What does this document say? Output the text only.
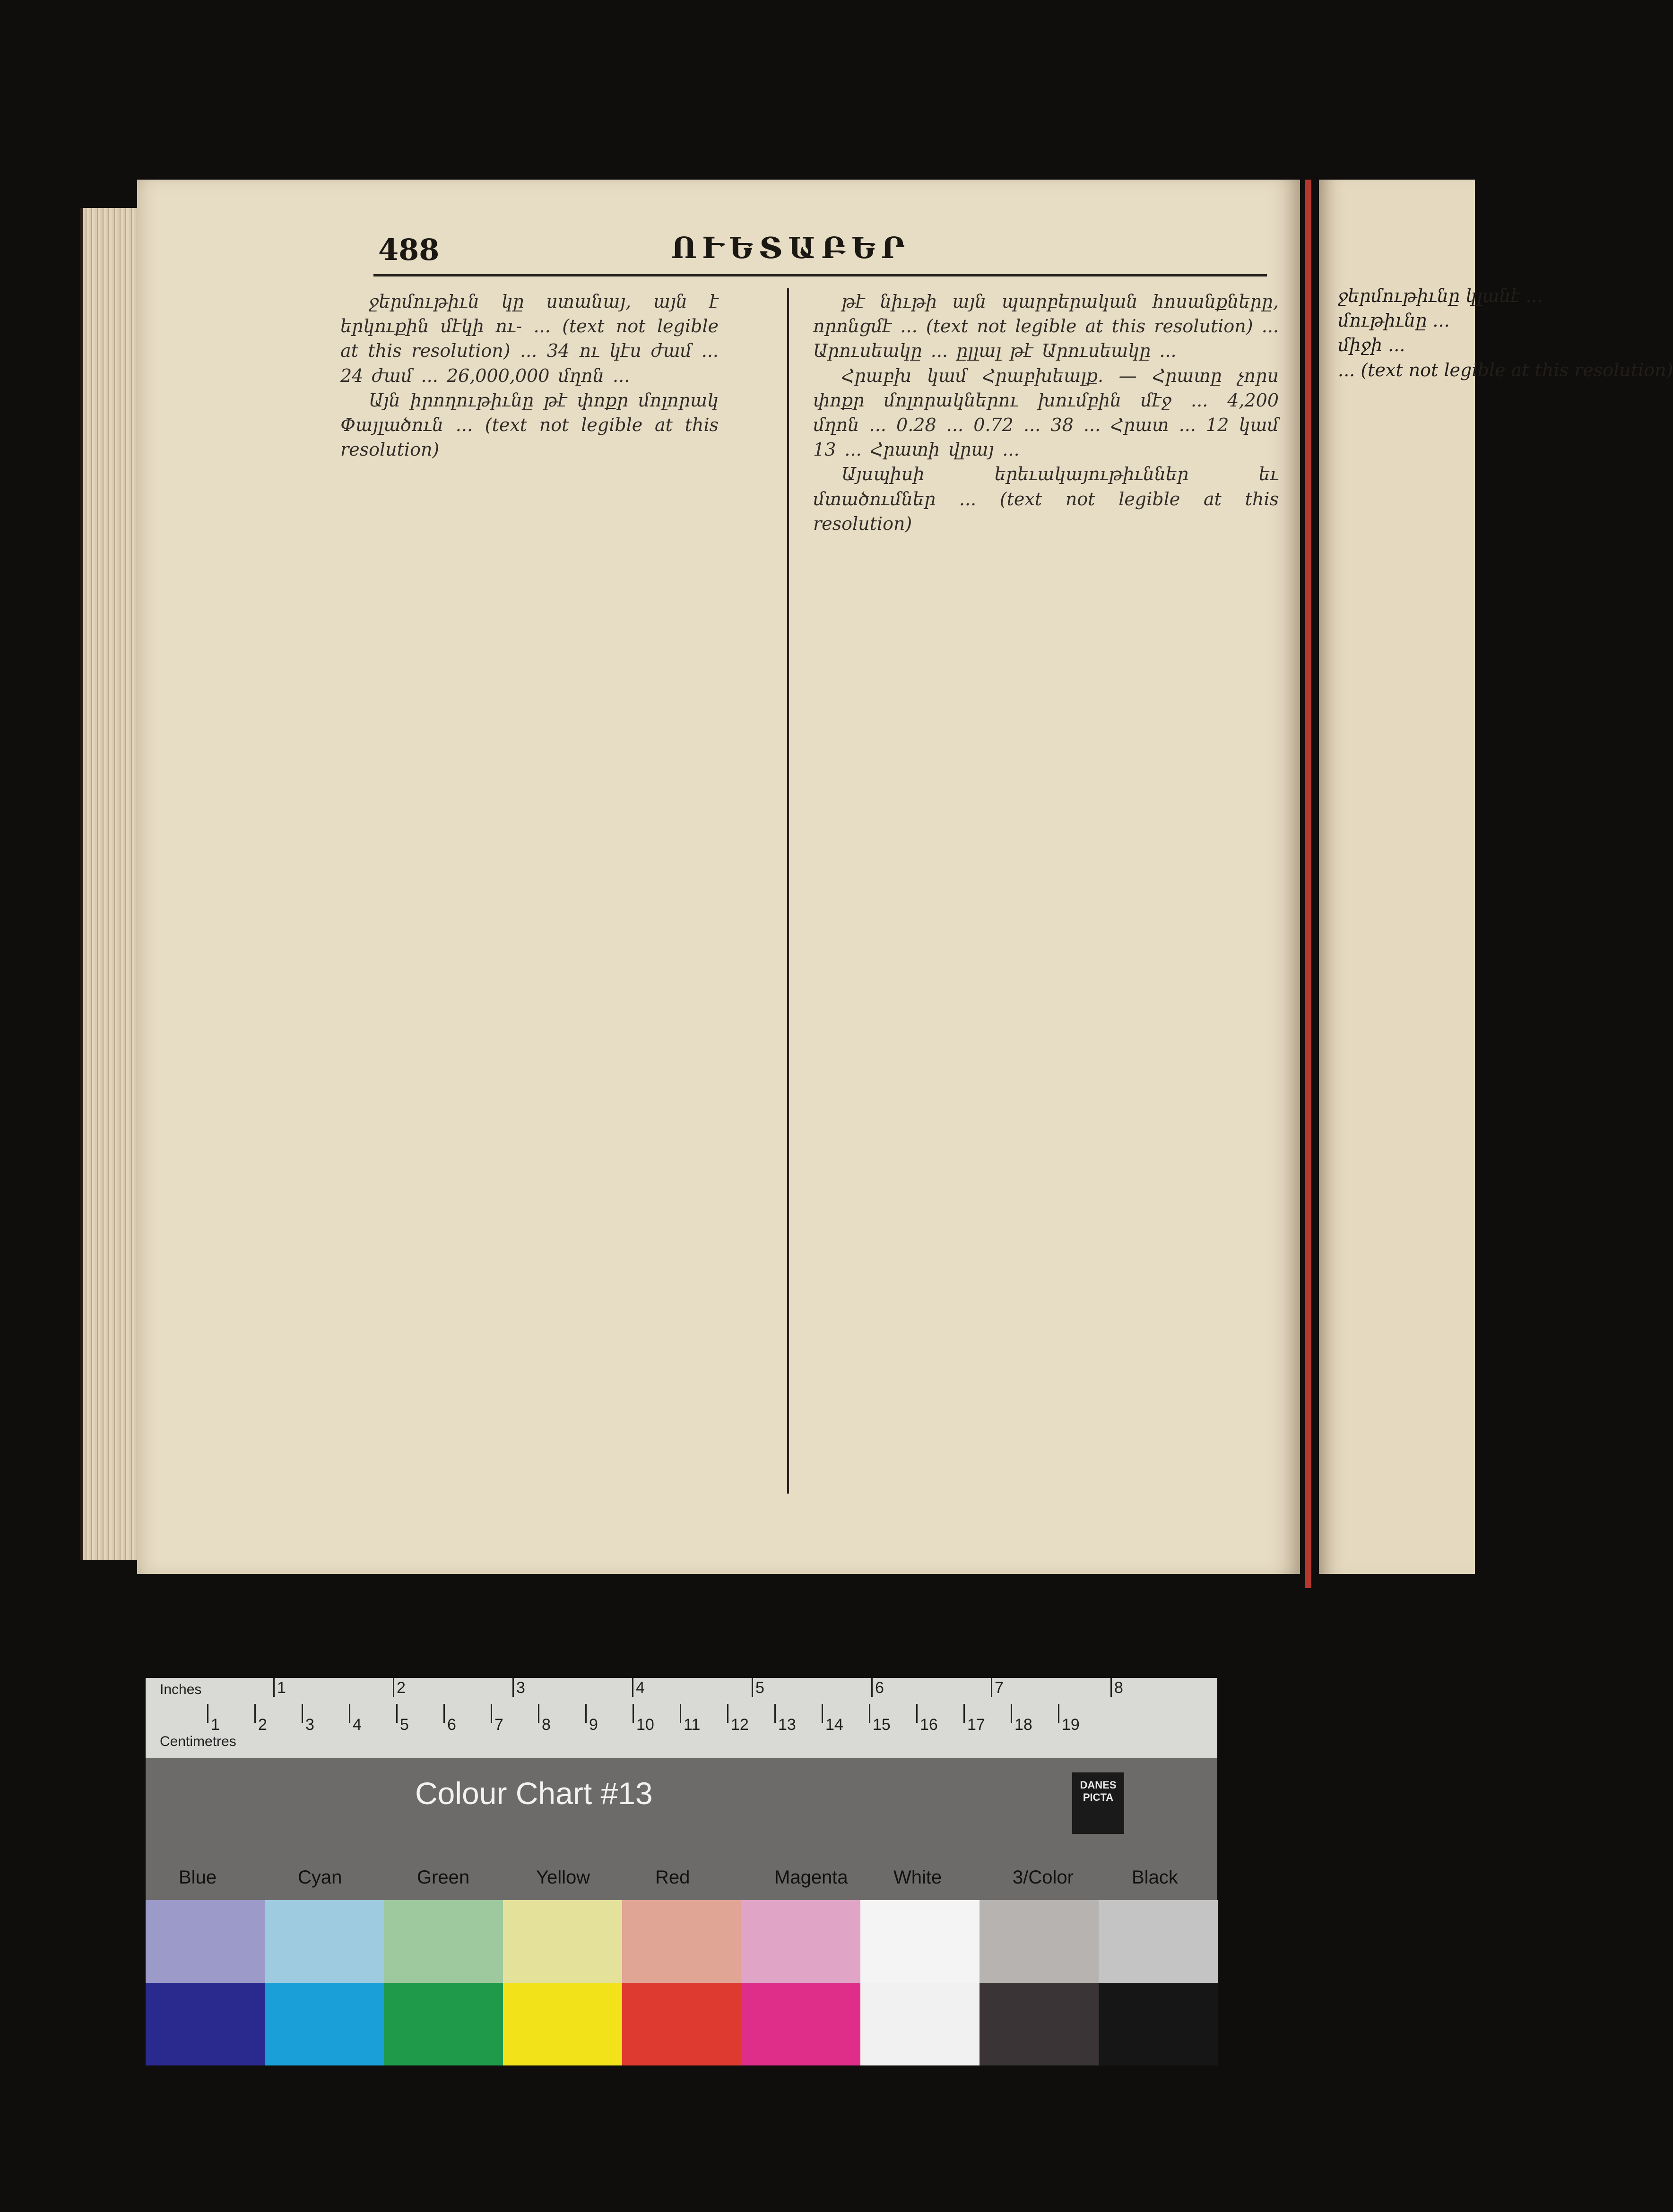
488	ՈՒԵՏԱԲԵՐ

ջերմութիւն կը ստանայ, այն է երկուքին մէկի ու‑ ... (text not legible at this resolution) ... 34 ու կէս ժամ ... 24 ժամ ... 26,000,000 մղոն ...

Այն իրողութիւնը թէ փոքր մոլորակ Փայլածուն ... (text not legible at this resolution)

թէ նիւթի այն պարբերական հոսանքները, որոնցմէ ... (text not legible at this resolution) ... Արուսեակը ... ըլլալ թէ Արուսեակը ...

Հրաբխ կամ Հրաբխեալք. — Հրատը չորս փոքր մոլորակներու խումբին մէջ ... 4,200 մղոն ... 0.28 ... 0.72 ... 38 ... Հրատ ... 12 կամ 13 ... Հրատի վրայ ...

Այսպիսի երեւակայութիւններ եւ մտածումներ ... (text not legible at this resolution)

ջերմութիւնը կլանէ ...
մութիւնը ...
միջի ...
... (text not legible at this resolution)
Inches
Centimetres
1	2	3	4	5	6	7	8
1 2 3 4 5 6 7 8 9 10 11 12 13 14 15 16 17 18 19
Colour Chart #13	DANES PICTA
Blue	Cyan	Green	Yellow	Red	Magenta White	3/Color	Black
